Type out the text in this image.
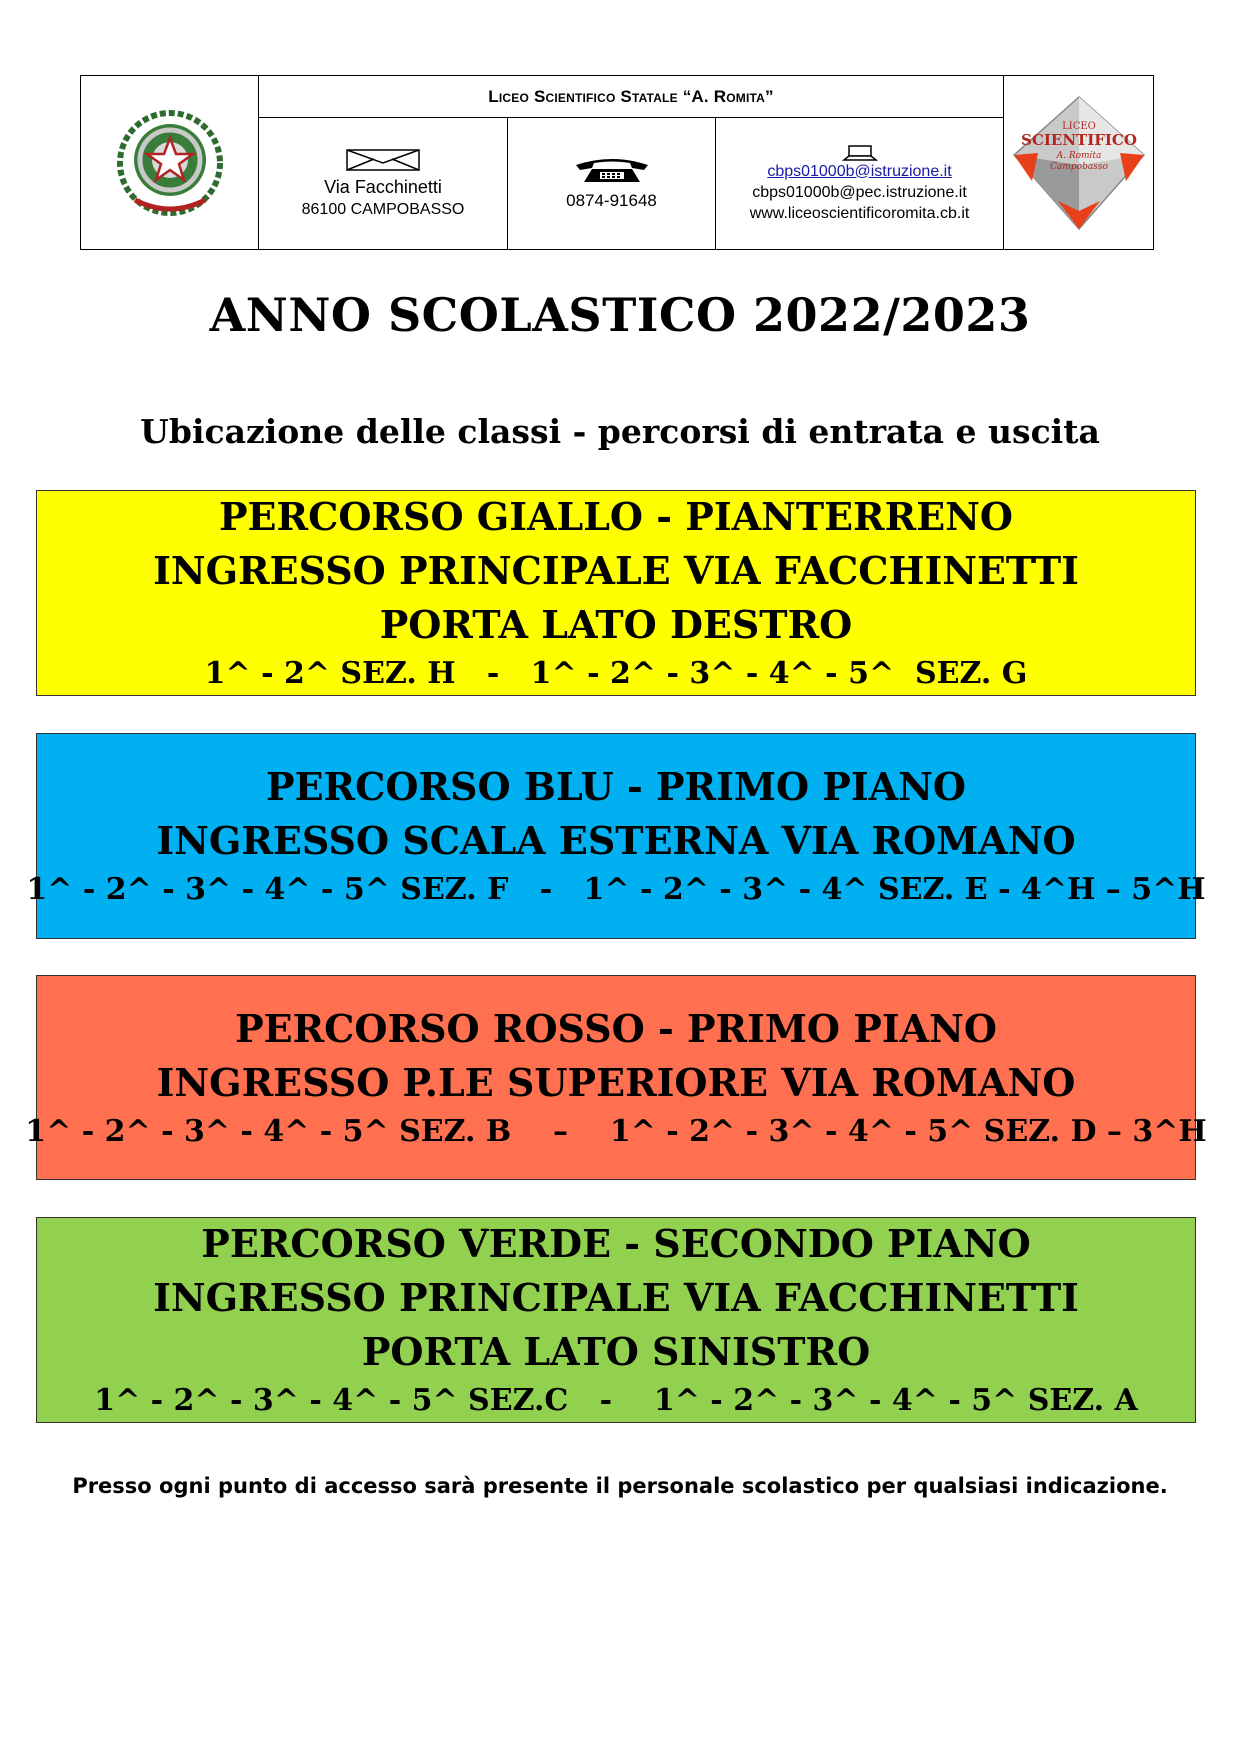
Liceo Scientifico Statale “A. Romita”
Via Facchinetti
86100 CAMPOBASSO	0874-91648
cbps01000b@istruzione.it
cbps01000b@pec.istruzione.it
www.liceoscientificoromita.cb.it
LICEO
SCIENTIFICO
A. Romita
Campobasso
ANNO SCOLASTICO 2022/2023
Ubicazione delle classi - percorsi di entrata e uscita
PERCORSO GIALLO - PIANTERRENO
INGRESSO PRINCIPALE VIA FACCHINETTI
PORTA LATO DESTRO
1^ - 2^ SEZ. H   -   1^ - 2^ - 3^ - 4^ - 5^  SEZ. G
PERCORSO BLU - PRIMO PIANO
INGRESSO SCALA ESTERNA VIA ROMANO
1^ - 2^ - 3^ - 4^ - 5^ SEZ. F   -   1^ - 2^ - 3^ - 4^ SEZ. E - 4^H – 5^H
PERCORSO ROSSO - PRIMO PIANO
INGRESSO P.LE SUPERIORE VIA ROMANO
1^ - 2^ - 3^ - 4^ - 5^ SEZ. B    –    1^ - 2^ - 3^ - 4^ - 5^ SEZ. D – 3^H
PERCORSO VERDE - SECONDO PIANO
INGRESSO PRINCIPALE VIA FACCHINETTI
PORTA LATO SINISTRO
1^ - 2^ - 3^ - 4^ - 5^ SEZ.C   -    1^ - 2^ - 3^ - 4^ - 5^ SEZ. A
Presso ogni punto di accesso sarà presente il personale scolastico per qualsiasi indicazione.
